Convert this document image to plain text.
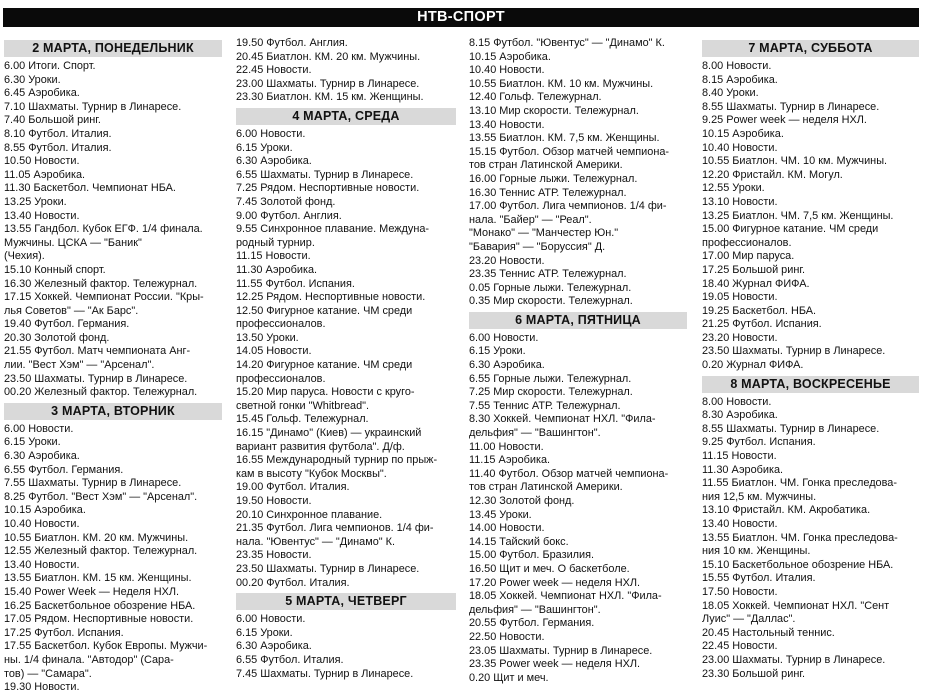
НТВ-СПОРТ
2 МАРТА, ПОНЕДЕЛЬНИК
6.00 Итоги. Спорт.
6.30 Уроки.
6.45 Аэробика.
7.10 Шахматы. Турнир в Линаресе.
7.40 Большой ринг.
8.10 Футбол. Италия.
8.55 Футбол. Италия.
10.50 Новости.
11.05 Аэробика.
11.30 Баскетбол. Чемпионат НБА.
13.25 Уроки.
13.40 Новости.
13.55 Гандбол. Кубок ЕГФ. 1/4 финала.
Мужчины. ЦСКА — "Баник"
(Чехия).
15.10 Конный спорт.
16.30 Железный фактор. Тележурнал.
17.15 Хоккей. Чемпионат России. "Кры-
лья Советов" — "Ак Барс".
19.40 Футбол. Германия.
20.30 Золотой фонд.
21.55 Футбол. Матч чемпионата Анг-
лии. "Вест Хэм" — "Арсенал".
23.50 Шахматы. Турнир в Линаресе.
00.20 Железный фактор. Тележурнал.
3 МАРТА, ВТОРНИК
6.00 Новости.
6.15 Уроки.
6.30 Аэробика.
6.55 Футбол. Германия.
7.55 Шахматы. Турнир в Линаресе.
8.25 Футбол. "Вест Хэм" — "Арсенал".
10.15 Аэробика.
10.40 Новости.
10.55 Биатлон. КМ. 20 км. Мужчины.
12.55 Железный фактор. Тележурнал.
13.40 Новости.
13.55 Биатлон. КМ. 15 км. Женщины.
15.40 Power Week — Неделя НХЛ.
16.25 Баскетбольное обозрение НБА.
17.05 Рядом. Неспортивные новости.
17.25 Футбол. Испания.
17.55 Баскетбол. Кубок Европы. Мужчи-
ны. 1/4 финала. "Автодор" (Сара-
тов) — "Самара".
19.30 Новости.
19.50 Футбол. Англия.
20.45 Биатлон. КМ. 20 км. Мужчины.
22.45 Новости.
23.00 Шахматы. Турнир в Линаресе.
23.30 Биатлон. КМ. 15 км. Женщины.
4 МАРТА, СРЕДА
6.00 Новости.
6.15 Уроки.
6.30 Аэробика.
6.55 Шахматы. Турнир в Линаресе.
7.25 Рядом. Неспортивные новости.
7.45 Золотой фонд.
9.00 Футбол. Англия.
9.55 Синхронное плавание. Междуна-
родный турнир.
11.15 Новости.
11.30 Аэробика.
11.55 Футбол. Испания.
12.25 Рядом. Неспортивные новости.
12.50 Фигурное катание. ЧМ среди
профессионалов.
13.50 Уроки.
14.05 Новости.
14.20 Фигурное катание. ЧМ среди
профессионалов.
15.20 Мир паруса. Новости с круго-
светной гонки "Whitbread".
15.45 Гольф. Тележурнал.
16.15 "Динамо" (Киев) — украинский
вариант развития футбола". Д/ф.
16.55 Международный турнир по прыж-
кам в высоту "Кубок Москвы".
19.00 Футбол. Италия.
19.50 Новости.
20.10 Синхронное плавание.
21.35 Футбол. Лига чемпионов. 1/4 фи-
нала. "Ювентус" — "Динамо" К.
23.35 Новости.
23.50 Шахматы. Турнир в Линаресе.
00.20 Футбол. Италия.
5 МАРТА, ЧЕТВЕРГ
6.00 Новости.
6.15 Уроки.
6.30 Аэробика.
6.55 Футбол. Италия.
7.45 Шахматы. Турнир в Линаресе.
8.15 Футбол. "Ювентус" — "Динамо" К.
10.15 Аэробика.
10.40 Новости.
10.55 Биатлон. КМ. 10 км. Мужчины.
12.40 Гольф. Тележурнал.
13.10 Мир скорости. Тележурнал.
13.40 Новости.
13.55 Биатлон. КМ. 7,5 км. Женщины.
15.15 Футбол. Обзор матчей чемпиона-
тов стран Латинской Америки.
16.00 Горные лыжи. Тележурнал.
16.30 Теннис АТР. Тележурнал.
17.00 Футбол. Лига чемпионов. 1/4 фи-
нала. "Байер" — "Реал".
"Монако" — "Манчестер Юн."
"Бавария" — "Боруссия" Д.
23.20 Новости.
23.35 Теннис АТР. Тележурнал.
0.05 Горные лыжи. Тележурнал.
0.35 Мир скорости. Тележурнал.
6 МАРТА, ПЯТНИЦА
6.00 Новости.
6.15 Уроки.
6.30 Аэробика.
6.55 Горные лыжи. Тележурнал.
7.25 Мир скорости. Тележурнал.
7.55 Теннис АТР. Тележурнал.
8.30 Хоккей. Чемпионат НХЛ. "Фила-
дельфия" — "Вашингтон".
11.00 Новости.
11.15 Аэробика.
11.40 Футбол. Обзор матчей чемпиона-
тов стран Латинской Америки.
12.30 Золотой фонд.
13.45 Уроки.
14.00 Новости.
14.15 Тайский бокс.
15.00 Футбол. Бразилия.
16.50 Щит и меч. О баскетболе.
17.20 Power week — неделя НХЛ.
18.05 Хоккей. Чемпионат НХЛ. "Фила-
дельфия" — "Вашингтон".
20.55 Футбол. Германия.
22.50 Новости.
23.05 Шахматы. Турнир в Линаресе.
23.35 Power week — неделя НХЛ.
0.20 Щит и меч.
7 МАРТА, СУББОТА
8.00 Новости.
8.15 Аэробика.
8.40 Уроки.
8.55 Шахматы. Турнир в Линаресе.
9.25 Power week — неделя НХЛ.
10.15 Аэробика.
10.40 Новости.
10.55 Биатлон. ЧМ. 10 км. Мужчины.
12.20 Фристайл. КМ. Могул.
12.55 Уроки.
13.10 Новости.
13.25 Биатлон. ЧМ. 7,5 км. Женщины.
15.00 Фигурное катание. ЧМ среди
профессионалов.
17.00 Мир паруса.
17.25 Большой ринг.
18.40 Журнал ФИФА.
19.05 Новости.
19.25 Баскетбол. НБА.
21.25 Футбол. Испания.
23.20 Новости.
23.50 Шахматы. Турнир в Линаресе.
0.20 Журнал ФИФА.
8 МАРТА, ВОСКРЕСЕНЬЕ
8.00 Новости.
8.30 Аэробика.
8.55 Шахматы. Турнир в Линаресе.
9.25 Футбол. Испания.
11.15 Новости.
11.30 Аэробика.
11.55 Биатлон. ЧМ. Гонка преследова-
ния 12,5 км. Мужчины.
13.10 Фристайл. КМ. Акробатика.
13.40 Новости.
13.55 Биатлон. ЧМ. Гонка преследова-
ния 10 км. Женщины.
15.10 Баскетбольное обозрение НБА.
15.55 Футбол. Италия.
17.50 Новости.
18.05 Хоккей. Чемпионат НХЛ. "Сент
Луис" — "Даллас".
20.45 Настольный теннис.
22.45 Новости.
23.00 Шахматы. Турнир в Линаресе.
23.30 Большой ринг.
